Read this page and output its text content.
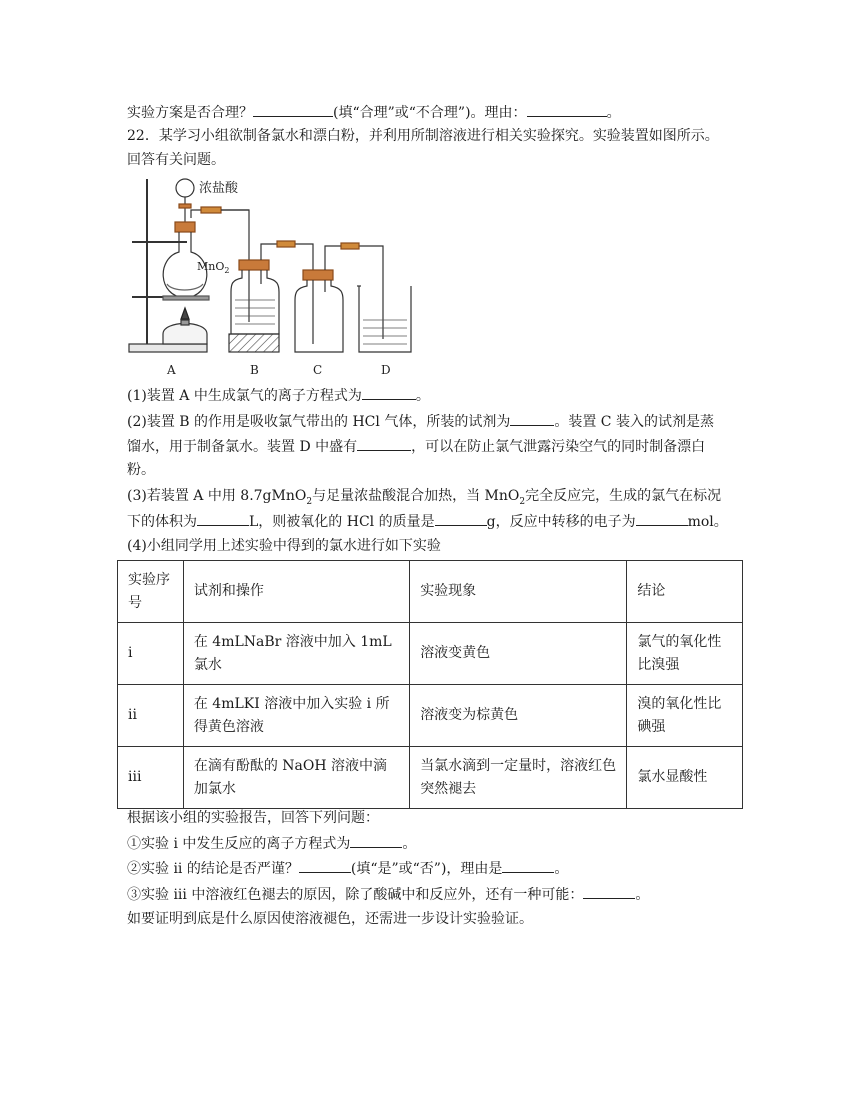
实验方案是否合理？	(填“合理”或“不合理”)。理由：	。
22．某学习小组欲制备氯水和漂白粉，并利用所制溶液进行相关实验探究。实验装置如图所示。
回答有关问题。
浓盐酸
MnO$_2$
A	B	C	D
(1)装置 A 中生成氯气的离子方程式为	。
(2)装置 B 的作用是吸收氯气带出的 HCl 气体，所装的试剂为	。装置 C 装入的试剂是蒸
馏水，用于制备氯水。装置 D 中盛有	，可以在防止氯气泄露污染空气的同时制备漂白
粉。
(3)若装置 A 中用 8.7gMnO$_2$与足量浓盐酸混合加热，当 MnO$_2$完全反应完，生成的氯气在标况
下的体积为	L，则被氧化的 HCl 的质量是	g，反应中转移的电子为	mol。
(4)小组同学用上述实验中得到的氯水进行如下实验
实验序号	试剂和操作	实验现象	结论
i	在 4mLNaBr 溶液中加入 1mL 氯水	溶液变黄色	氯气的氧化性比溴强
ii	在 4mLKI 溶液中加入实验 i 所得黄色溶液	溶液变为棕黄色	溴的氧化性比碘强
iii	在滴有酚酞的 NaOH 溶液中滴加氯水	当氯水滴到一定量时，溶液红色突然褪去	氯水显酸性
根据该小组的实验报告，回答下列问题：
①实验 i 中发生反应的离子方程式为	。
②实验 ii 的结论是否严谨？	(填“是”或“否”)，理由是	。
③实验 iii 中溶液红色褪去的原因，除了酸碱中和反应外，还有一种可能：	。
如要证明到底是什么原因使溶液褪色，还需进一步设计实验验证。
